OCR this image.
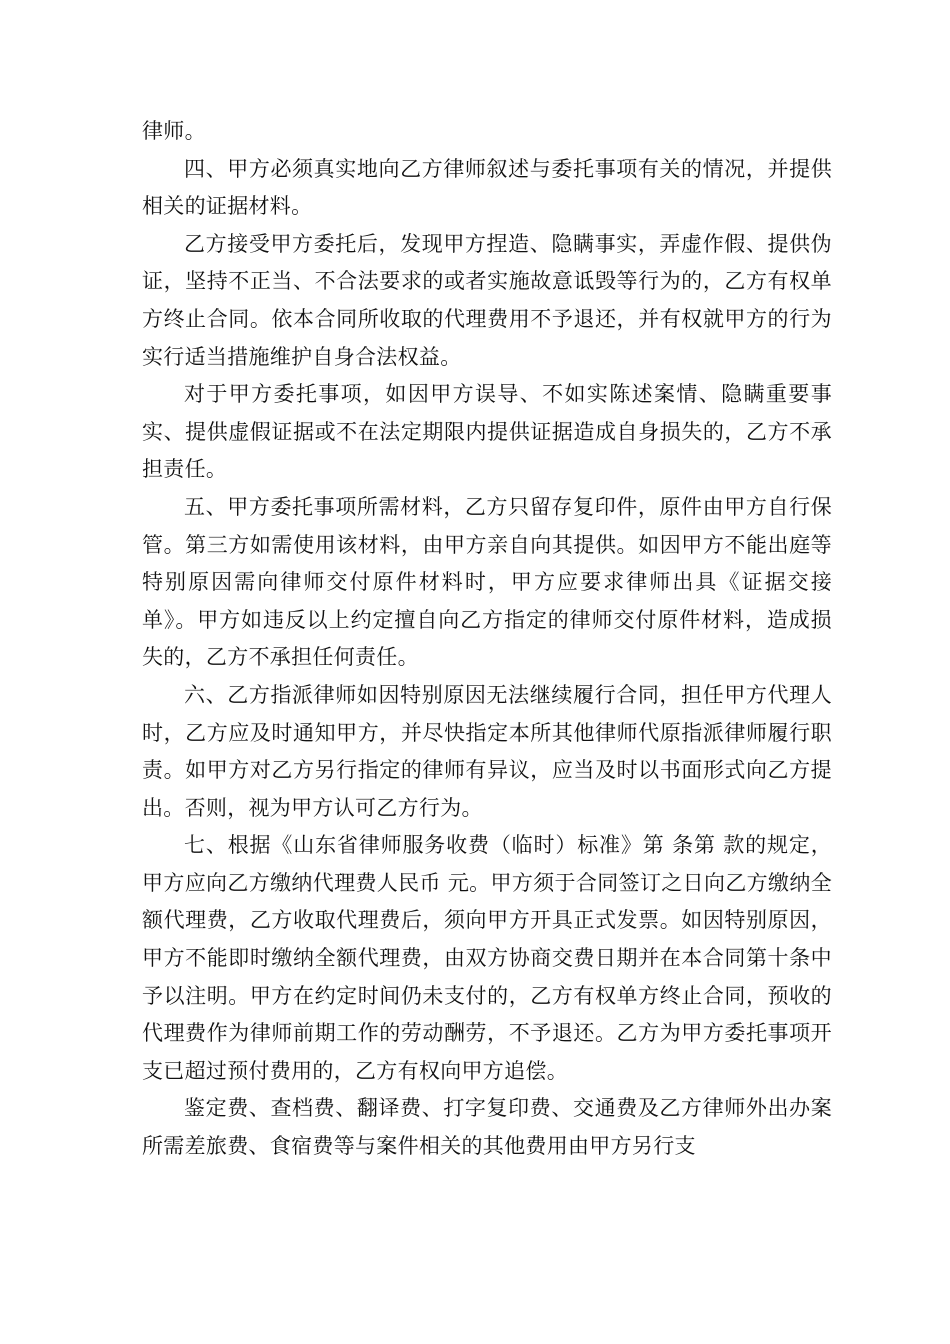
律师。

四、甲方必须真实地向乙方律师叙述与委托事项有关的情况，并提供相关的证据材料。

乙方接受甲方委托后，发现甲方捏造、隐瞒事实，弄虚作假、提供伪证，坚持不正当、不合法要求的或者实施故意诋毁等行为的，乙方有权单方终止合同。依本合同所收取的代理费用不予退还，并有权就甲方的行为实行适当措施维护自身合法权益。

对于甲方委托事项，如因甲方误导、不如实陈述案情、隐瞒重要事实、提供虚假证据或不在法定期限内提供证据造成自身损失的，乙方不承担责任。

五、甲方委托事项所需材料，乙方只留存复印件，原件由甲方自行保管。第三方如需使用该材料，由甲方亲自向其提供。如因甲方不能出庭等特别原因需向律师交付原件材料时，甲方应要求律师出具《证据交接单》。甲方如违反以上约定擅自向乙方指定的律师交付原件材料，造成损失的，乙方不承担任何责任。

六、乙方指派律师如因特别原因无法继续履行合同，担任甲方代理人时，乙方应及时通知甲方，并尽快指定本所其他律师代原指派律师履行职责。如甲方对乙方另行指定的律师有异议，应当及时以书面形式向乙方提出。否则，视为甲方认可乙方行为。

七、根据《山东省律师服务收费（临时）标准》第 条第 款的规定，甲方应向乙方缴纳代理费人民币 元。甲方须于合同签订之日向乙方缴纳全额代理费，乙方收取代理费后，须向甲方开具正式发票。如因特别原因，甲方不能即时缴纳全额代理费，由双方协商交费日期并在本合同第十条中予以注明。甲方在约定时间仍未支付的，乙方有权单方终止合同，预收的代理费作为律师前期工作的劳动酬劳，不予退还。乙方为甲方委托事项开支已超过预付费用的，乙方有权向甲方追偿。

鉴定费、查档费、翻译费、打字复印费、交通费及乙方律师外出办案所需差旅费、食宿费等与案件相关的其他费用由甲方另行支
